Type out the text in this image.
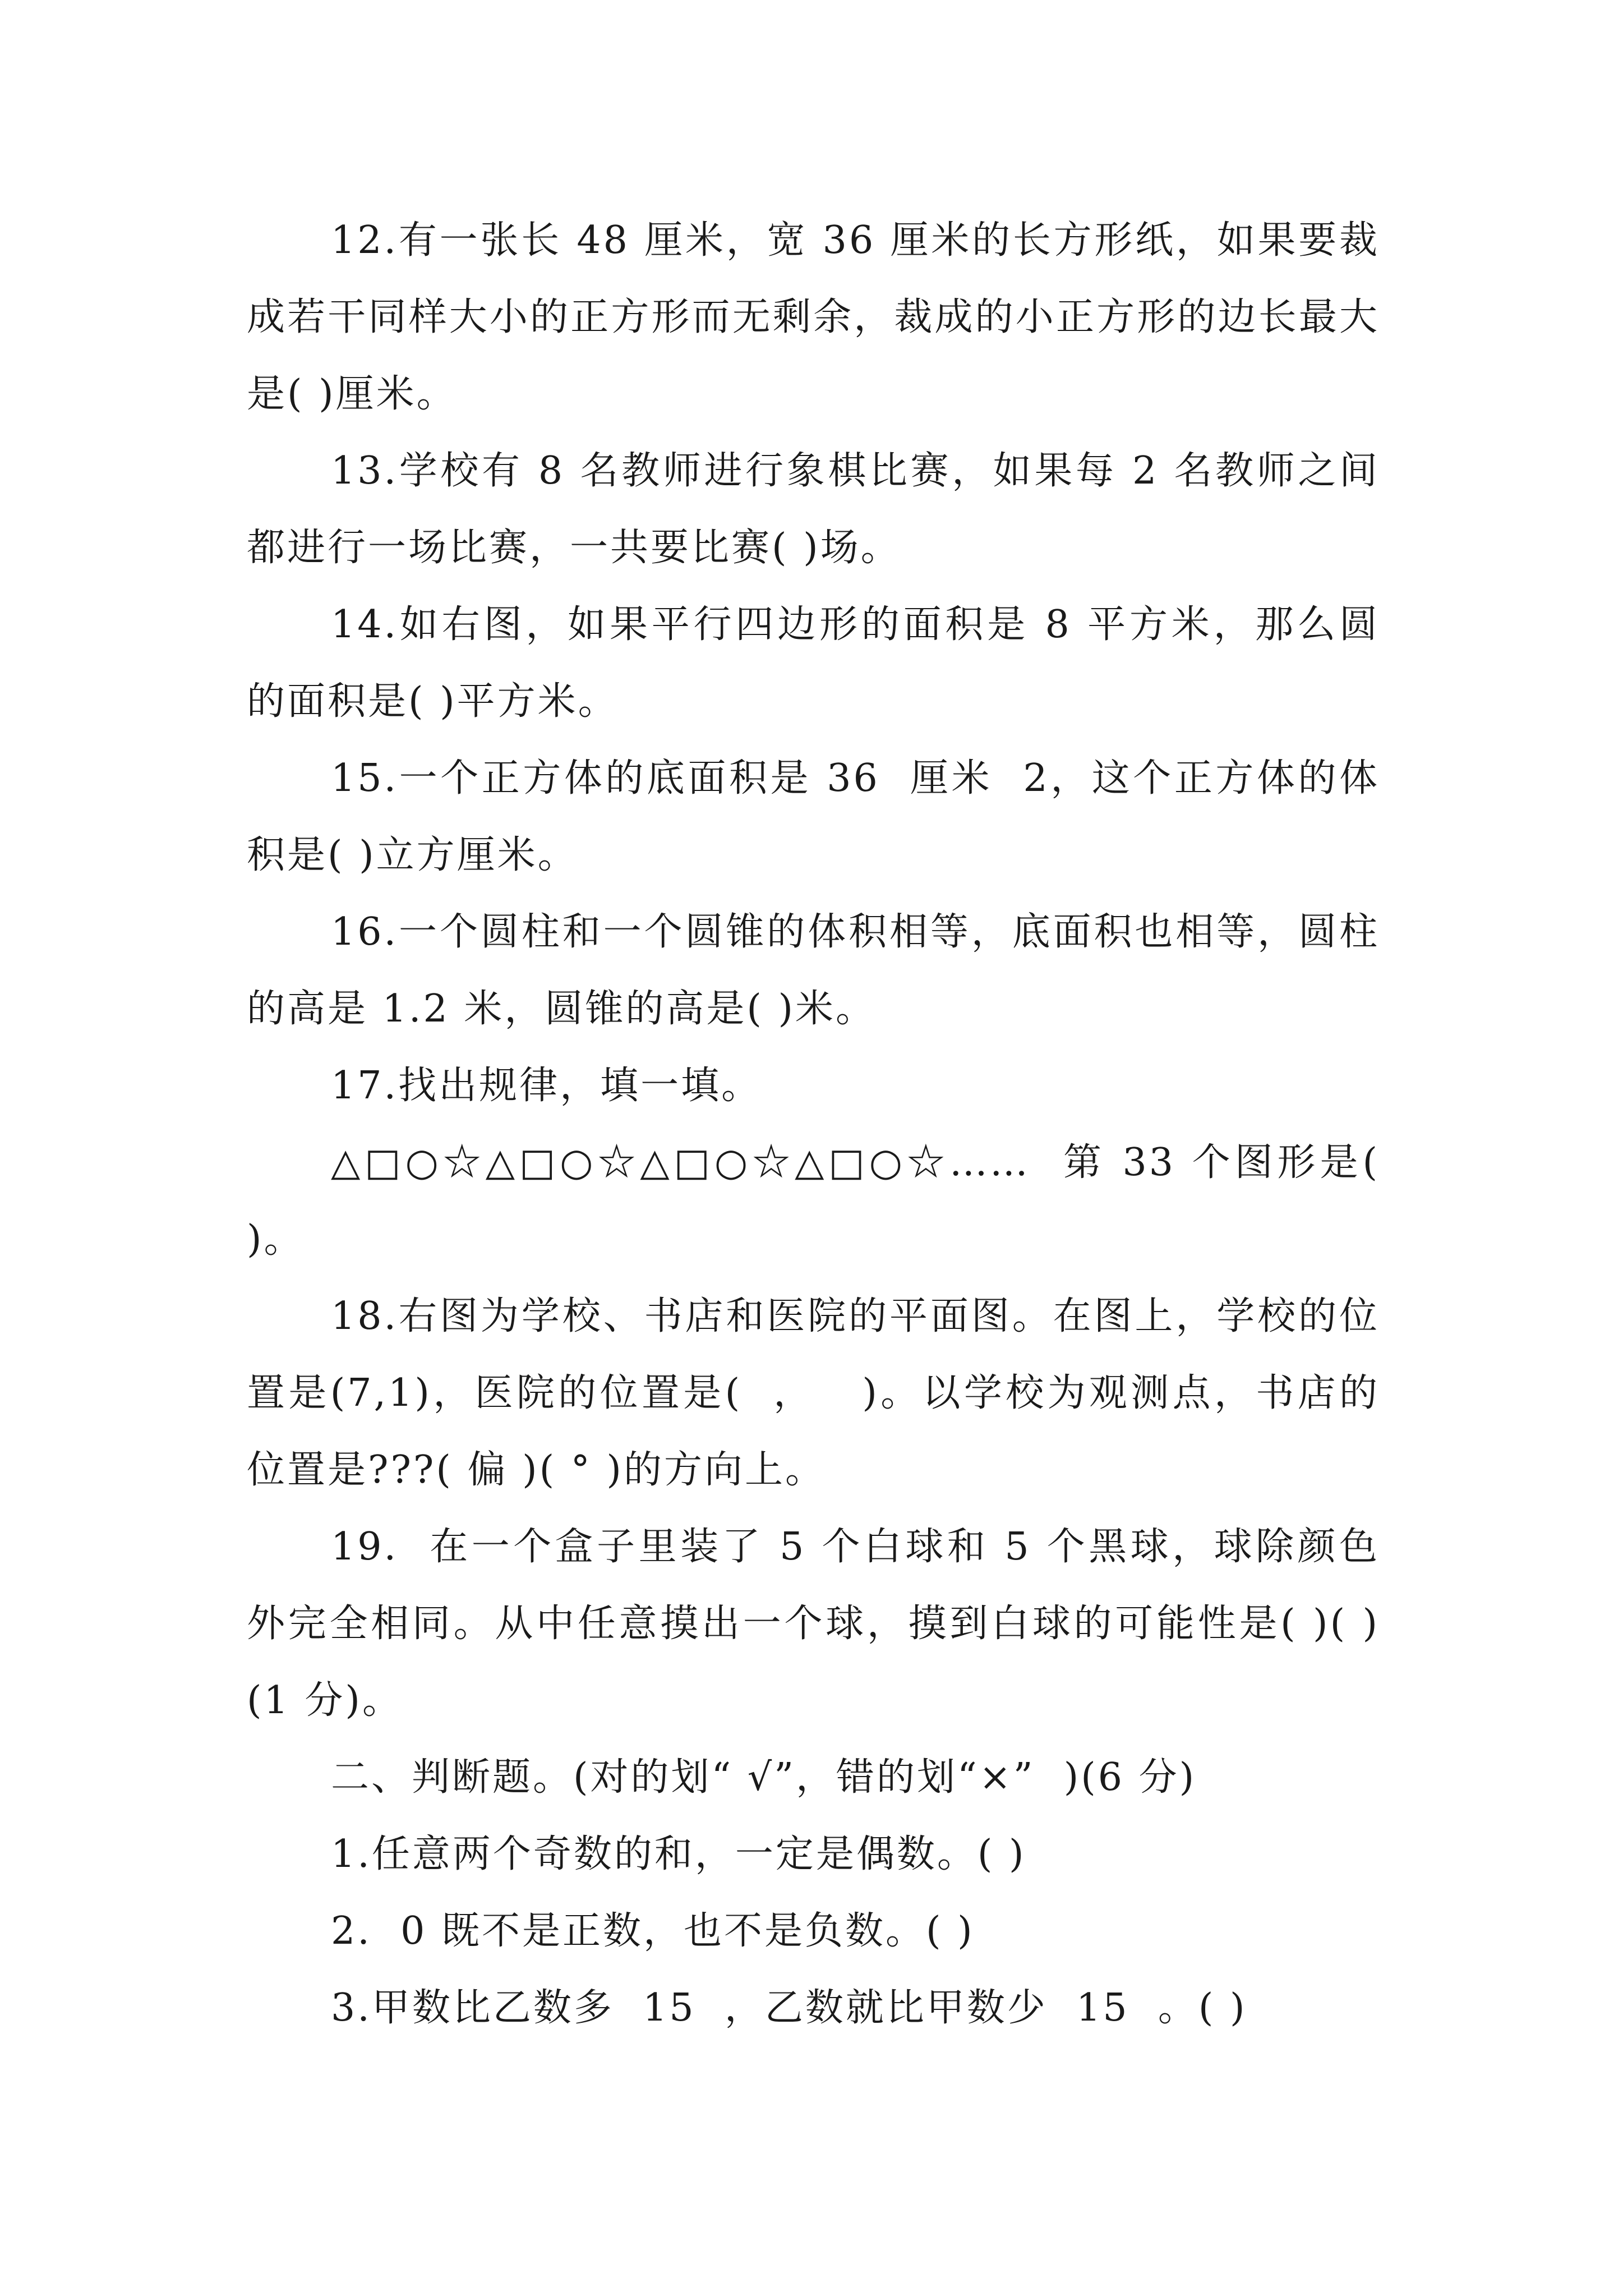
12.有一张长 48 厘米，宽 36 厘米的长方形纸，如果要裁成若干同样大小的正方形而无剩余，裁成的小正方形的边长最大是( )厘米。

13.学校有 8 名教师进行象棋比赛，如果每 2 名教师之间都进行一场比赛，一共要比赛( )场。

14.如右图，如果平行四边形的面积是 8 平方米，那么圆的面积是( )平方米。

15.一个正方体的底面积是 36  厘米  2，这个正方体的体积是( )立方厘米。

16.一个圆柱和一个圆锥的体积相等，底面积也相等，圆柱的高是 1.2 米，圆锥的高是( )米。

17.找出规律，填一填。

△□○☆△□○☆△□○☆△□○☆……  第 33 个图形是( )。

18.右图为学校、书店和医院的平面图。在图上，学校的位置是(7,1)，医院的位置是(  ，   )。以学校为观测点，书店的位置是???( 偏 )( ° )的方向上。

19.  在一个盒子里装了 5 个白球和 5 个黑球，球除颜色外完全相同。从中任意摸出一个球，摸到白球的可能性是( )( )  (1 分)。

二、判断题。(对的划“ √”，错的划“×”  )(6 分)

1.任意两个奇数的和，一定是偶数。( )

2.  0 既不是正数，也不是负数。( )

3.甲数比乙数多  15  ，乙数就比甲数少  15  。( )
